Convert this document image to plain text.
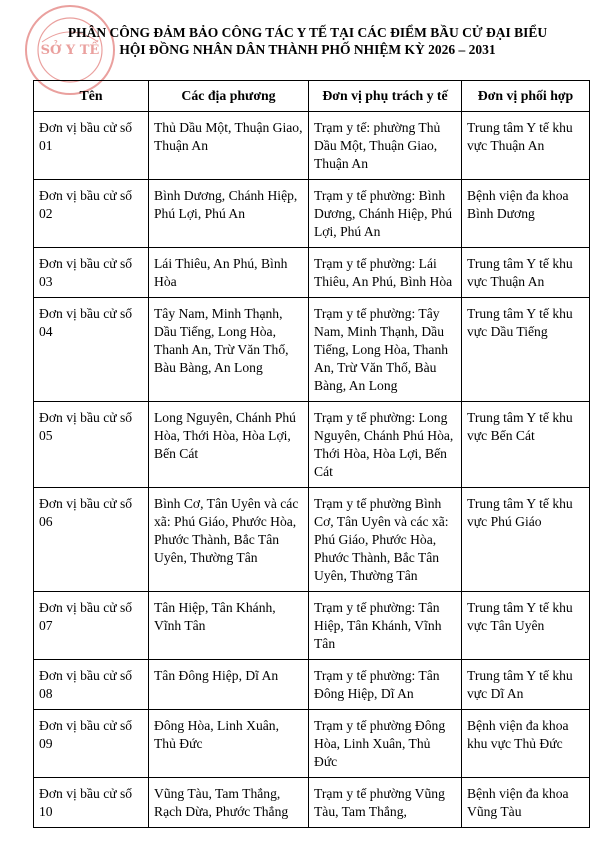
SỞ Y TẾ
PHÂN CÔNG ĐẢM BẢO CÔNG TÁC Y TẾ TẠI CÁC ĐIỂM BẦU CỬ ĐẠI BIỂU
HỘI ĐỒNG NHÂN DÂN THÀNH PHỐ NHIỆM KỲ 2026 – 2031
Tên	Các địa phương	Đơn vị phụ trách y tế	Đơn vị phối hợp
Đơn vị bầu cử số 01	Thủ Dầu Một, Thuận Giao, Thuận An	Trạm y tế: phường Thủ Dầu Một, Thuận Giao, Thuận An	Trung tâm Y tế khu vực Thuận An
Đơn vị bầu cử số 02	Bình Dương, Chánh Hiệp, Phú Lợi, Phú An	Trạm y tế phường: Bình Dương, Chánh Hiệp, Phú Lợi, Phú An	Bệnh viện đa khoa Bình Dương
Đơn vị bầu cử số 03	Lái Thiêu, An Phú, Bình Hòa	Trạm y tế phường: Lái Thiêu, An Phú, Bình Hòa	Trung tâm Y tế khu vực Thuận An
Đơn vị bầu cử số 04	Tây Nam, Minh Thạnh, Dầu Tiếng, Long Hòa, Thanh An, Trừ Văn Thố, Bàu Bàng, An Long	Trạm y tế phường: Tây Nam, Minh Thạnh, Dầu Tiếng, Long Hòa, Thanh An, Trừ Văn Thố, Bàu Bàng, An Long	Trung tâm Y tế khu vực Dầu Tiếng
Đơn vị bầu cử số 05	Long Nguyên, Chánh Phú Hòa, Thới Hòa, Hòa Lợi, Bến Cát	Trạm y tế phường: Long Nguyên, Chánh Phú Hòa, Thới Hòa, Hòa Lợi, Bến Cát	Trung tâm Y tế khu vực Bến Cát
Đơn vị bầu cử số 06	Bình Cơ, Tân Uyên và các xã: Phú Giáo, Phước Hòa, Phước Thành, Bắc Tân Uyên, Thường Tân	Trạm y tế phường Bình Cơ, Tân Uyên và các xã: Phú Giáo, Phước Hòa, Phước Thành, Bắc Tân Uyên, Thường Tân	Trung tâm Y tế khu vực Phú Giáo
Đơn vị bầu cử số 07	Tân Hiệp, Tân Khánh, Vĩnh Tân	Trạm y tế phường: Tân Hiệp, Tân Khánh, Vĩnh Tân	Trung tâm Y tế khu vực Tân Uyên
Đơn vị bầu cử số 08	Tân Đông Hiệp, Dĩ An	Trạm y tế phường: Tân Đông Hiệp, Dĩ An	Trung tâm Y tế khu vực Dĩ An
Đơn vị bầu cử số 09	Đông Hòa, Linh Xuân, Thủ Đức	Trạm y tế phường Đông Hòa, Linh Xuân, Thủ Đức	Bệnh viện đa khoa khu vực Thủ Đức
Đơn vị bầu cử số 10	Vũng Tàu, Tam Thắng, Rạch Dừa, Phước Thắng	Trạm y tế phường Vũng Tàu, Tam Thắng,	Bệnh viện đa khoa Vũng Tàu
